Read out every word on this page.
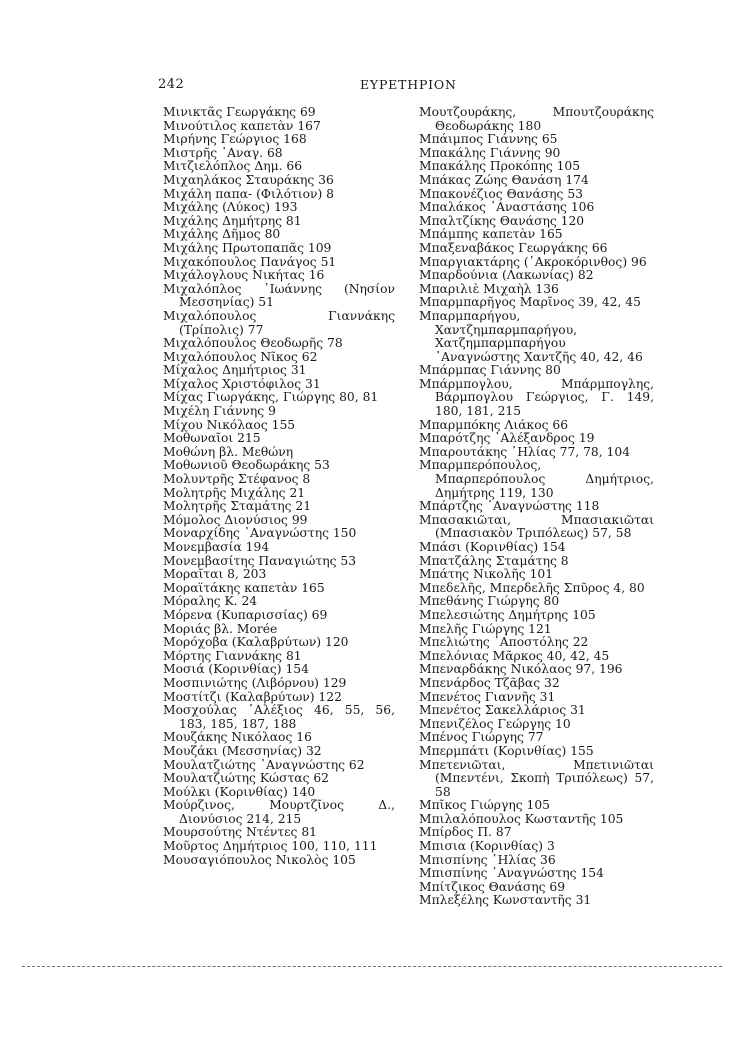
242	ΕΥΡΕΤΗΡΙΟΝ
Μινικτᾶς Γεωργάκης 69
Μινούτιλος καπετὰν 167
Μιρήνης Γεώργιος 168
Μιστρῆς ᾿Αναγ. 68
Μιτζιελόπλος Δημ. 66
Μιχαηλάκος Σταυράκης 36
Μιχάλη παπα- (Φιλότιον) 8
Μιχάλης (Λύκος) 193
Μιχάλης Δημήτρης 81
Μιχάλης Δῆμος 80
Μιχάλης Πρωτοπαπᾶς 109
Μιχακόπουλος Πανάγος 51
Μιχάλογλους Νικήτας 16
Μιχαλόπλος ᾿Ιωάννης (Νησίον Μεσσηνίας) 51
Μιχαλόπουλος Γιαννάκης (Τρίπολις) 77
Μιχαλόπουλος Θεοδωρῆς 78
Μιχαλόπουλος Νῖκος 62
Μίχαλος Δημήτριος 31
Μίχαλος Χριστόφιλος 31
Μίχας Γιωργάκης, Γιώργης 80, 81
Μιχέλη Γιάννης 9
Μίχου Νικόλαος 155
Μοθωναῖοι 215
Μοθώνη βλ. Μεθώνη
Μοθωνιοῦ Θεοδωράκης 53
Μολυντρῆς Στέφανος 8
Μολητρῆς Μιχάλης 21
Μολητρῆς Σταμάτης 21
Μόμολος Διονύσιος 99
Μοναρχίδης ᾿Αναγνώστης 150
Μονεμβασία 194
Μονεμβασίτης Παναγιώτης 53
Μοραῖται 8, 203
Μοραϊτάκης καπετὰν 165
Μόραλης Κ. 24
Μόρενα (Κυπαρισσίας) 69
Μοριάς βλ. Morée
Μορόχοβα (Καλαβρύτων) 120
Μόρτης Γιαννάκης 81
Μοσιά (Κορινθίας) 154
Μοσπινιώτης (Λιβόρνου) 129
Μοστίτζι (Καλαβρύτων) 122
Μοσχούλας ᾿Αλέξιος 46, 55, 56, 183, 185, 187, 188
Μουζάκης Νικόλαος 16
Μουζάκι (Μεσσηνίας) 32
Μουλατζιώτης ᾿Αναγνώστης 62
Μουλατζιώτης Κώστας 62
Μούλκι (Κορινθίας) 140
Μούρζινος, Μουρτζῖνος Δ., Διονύσιος 214, 215
Μουρσούτης Ντέντες 81
Μοῦρτος Δημήτριος 100, 110, 111
Μουσαγιόπουλος Νικολὸς 105
Μουτζουράκης, Μπουτζουράκης Θεοδωράκης 180
Μπάιμπος Γιάννης 65
Μπακάλης Γιάννης 90
Μπακάλης Προκόπης 105
Μπάκας Ζώης Θανάση 174
Μπακονέζιος Θανάσης 53
Μπαλάκος ᾿Αναστάσης 106
Μπαλτζίκης Θανάσης 120
Μπάμπης καπετὰν 165
Μπαξεναβάκος Γεωργάκης 66
Μπαργιακτάρης (᾿Ακροκόρινθος) 96
Μπαρδούνια (Λακωνίας) 82
Μπαριλιὲ Μιχαὴλ 136
Μπαρμπαρῆγος Μαρῖνος 39, 42, 45
Μπαρμπαρήγου, Χαντζημπαρμπαρήγου, Χατζημπαρμπαρήγου ᾿Αναγνώστης Χαντζῆς 40, 42, 46
Μπάρμπας Γιάννης 80
Μπάρμπογλου, Μπάρμπογλης, Βάρμπογλου Γεώργιος, Γ. 149, 180, 181, 215
Μπαρμπόκης Λιάκος 66
Μπαρότζης ᾿Αλέξανδρος 19
Μπαρουτάκης ᾿Ηλίας 77, 78, 104
Μπαρμπερόπουλος, Μπαρπερόπουλος Δημήτριος, Δημήτρης 119, 130
Μπάρτζης ᾿Αναγνώστης 118
Μπασακιῶται, Μπασιακιῶται (Μπασιακὸν Τριπόλεως) 57, 58
Μπάσι (Κορινθίας) 154
Μπατζάλης Σταμάτης 8
Μπάτης Νικολῆς 101
Μπεδελῆς, Μπερδελῆς Σπῦρος 4, 80
Μπεθάνης Γιώργης 80
Μπελεσιώτης Δημήτρης 105
Μπελῆς Γιώργης 121
Μπελιώτης ᾿Αποστόλης 22
Μπελόνιας Μᾶρκος 40, 42, 45
Μπεναρδάκης Νικόλαος 97, 196
Μπενάρδος Τζᾶβας 32
Μπενέτος Γιαννῆς 31
Μπενέτος Σακελλάριος 31
Μπενιζέλος Γεώργης 10
Μπένος Γιώργης 77
Μπερμπάτι (Κορινθίας) 155
Μπετενιῶται, Μπετινιῶται (Μπεντένι, Σκοπὴ Τριπόλεως) 57, 58
Μπῖκος Γιώργης 105
Μπιλαλόπουλος Κωσταντῆς 105
Μπίρδος Π. 87
Μπισια (Κορινθίας) 3
Μπισπίνης ᾿Ηλίας 36
Μπισπίνης ᾿Αναγνώστης 154
Μπίτζικος Θανάσης 69
Μπλεξέλης Κωνσταντῆς 31
